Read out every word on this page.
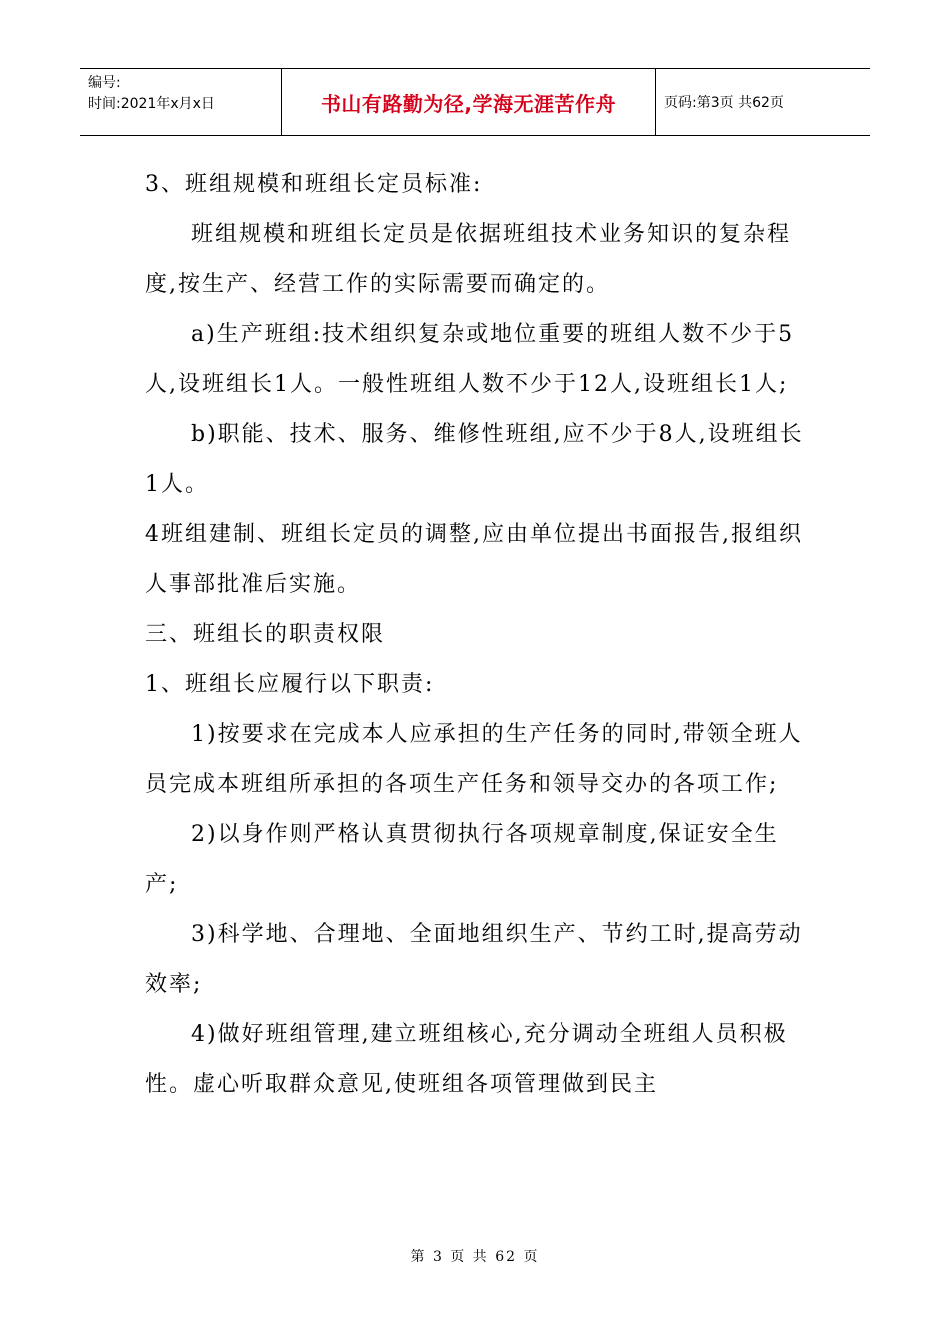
编号:
时间:2021年x月x日	书山有路勤为径,学海无涯苦作舟	页码:第3页 共62页

3、班组规模和班组长定员标准:

班组规模和班组长定员是依据班组技术业务知识的复杂程度,按生产、经营工作的实际需要而确定的。

a)生产班组:技术组织复杂或地位重要的班组人数不少于5人,设班组长1人。一般性班组人数不少于12人,设班组长1人;

b)职能、技术、服务、维修性班组,应不少于8人,设班组长1人。

4班组建制、班组长定员的调整,应由单位提出书面报告,报组织人事部批准后实施。

三、班组长的职责权限

1、班组长应履行以下职责:

1)按要求在完成本人应承担的生产任务的同时,带领全班人员完成本班组所承担的各项生产任务和领导交办的各项工作;

2)以身作则严格认真贯彻执行各项规章制度,保证安全生产;

3)科学地、合理地、全面地组织生产、节约工时,提高劳动效率;

4)做好班组管理,建立班组核心,充分调动全班组人员积极性。虚心听取群众意见,使班组各项管理做到民主

第 3 页 共 62 页
